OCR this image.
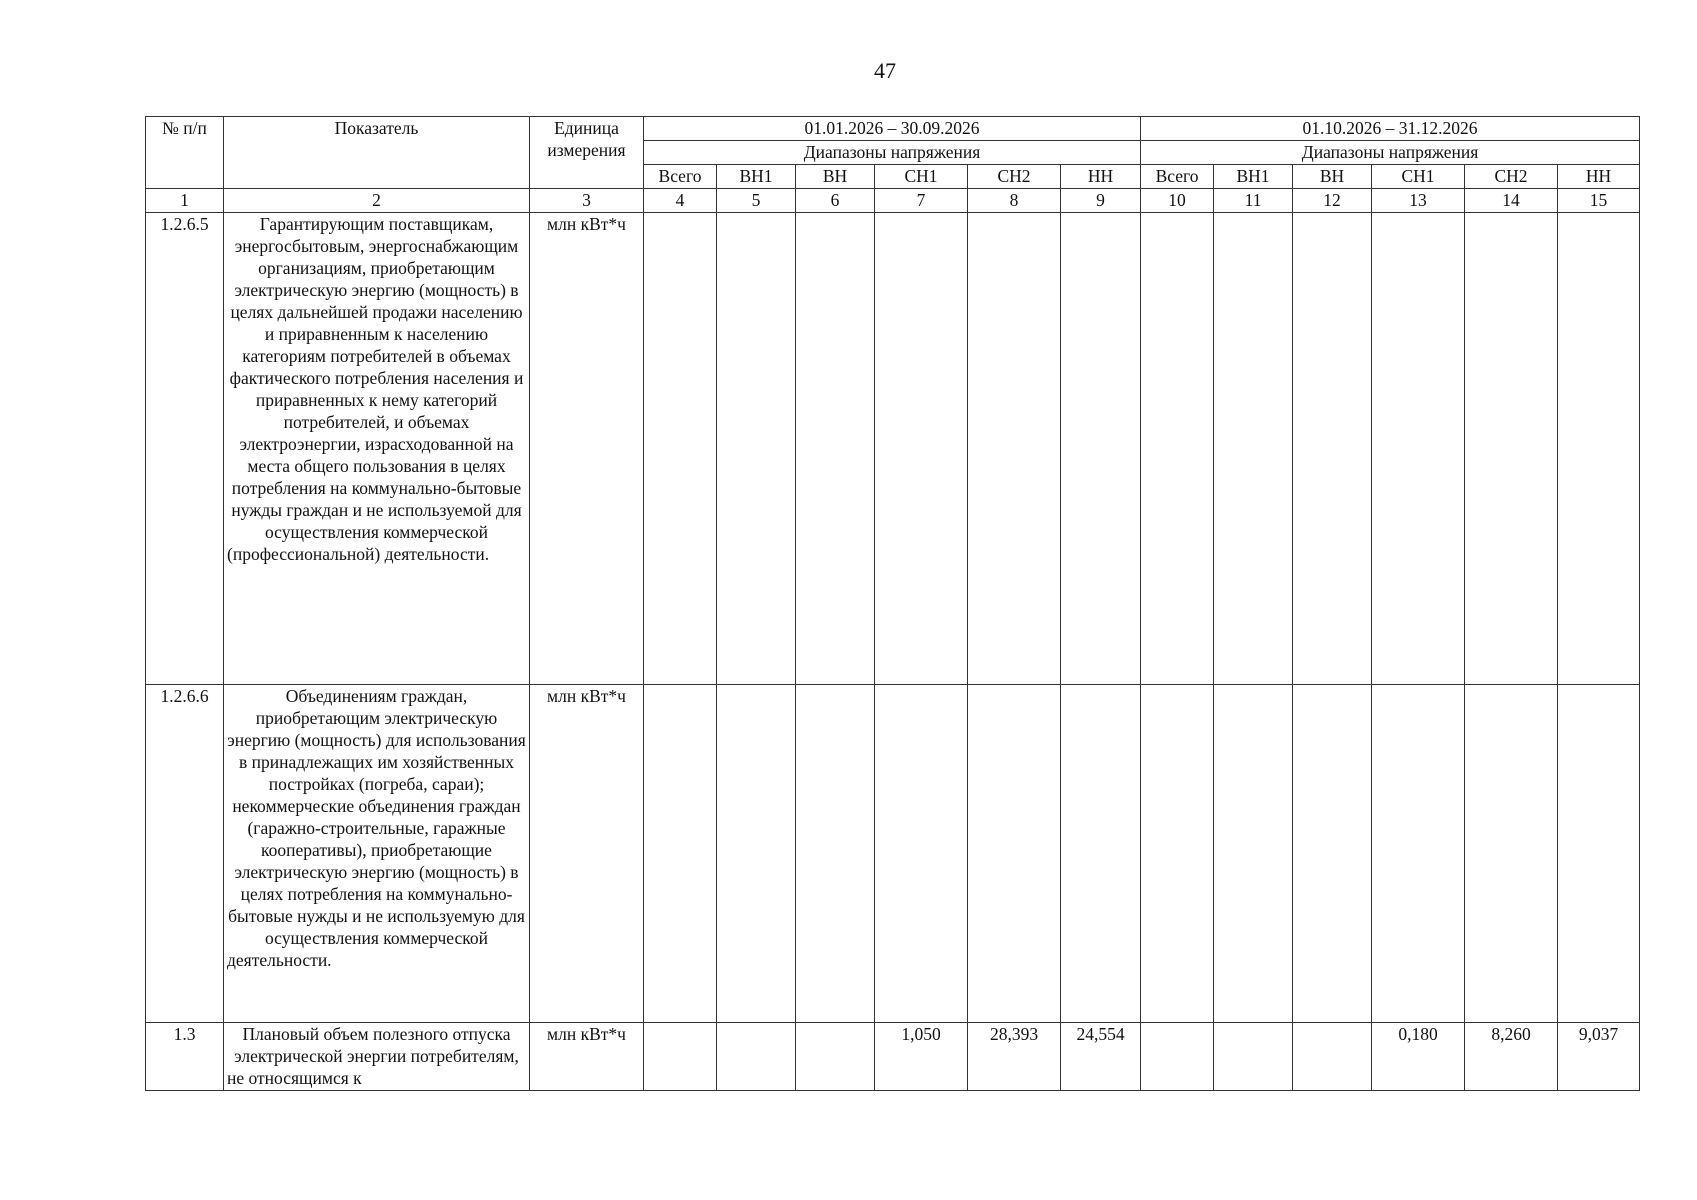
47
№ п/п	Показатель	Единица измерения	01.01.2026 – 30.09.2026						01.10.2026 – 31.12.2026					
			Диапазоны напряжения						Диапазоны напряжения					
			Всего	ВН1	ВН	СН1	СН2	НН	Всего	ВН1	ВН	СН1	СН2	НН
1	2	3	4	5	6	7	8	9	10	11	12	13	14	15
1.2.6.5	Гарантирующим поставщикам, энергосбытовым, энергоснабжающим организациям, приобретающим электрическую энергию (мощность) в целях дальнейшей продажи населению и приравненным к населению категориям потребителей в объемах фактического потребления населения и приравненных к нему категорий потребителей, и объемах электроэнергии, израсходованной на места общего пользования в целях потребления на коммунально-бытовые нужды граждан и не используемой для осуществления коммерческой (профессиональной) деятельности.	млн кВт*ч												
1.2.6.6	Объединениям граждан, приобретающим электрическую энергию (мощность) для использования в принадлежащих им хозяйственных постройках (погреба, сараи); некоммерческие объединения граждан (гаражно-строительные, гаражные кооперативы), приобретающие электрическую энергию (мощность) в целях потребления на коммунально-бытовые нужды и не используемую для осуществления коммерческой деятельности.	млн кВт*ч												
1.3	Плановый объем полезного отпуска электрической энергии потребителям, не относящимся к	млн кВт*ч				1,050	28,393	24,554				0,180	8,260	9,037
